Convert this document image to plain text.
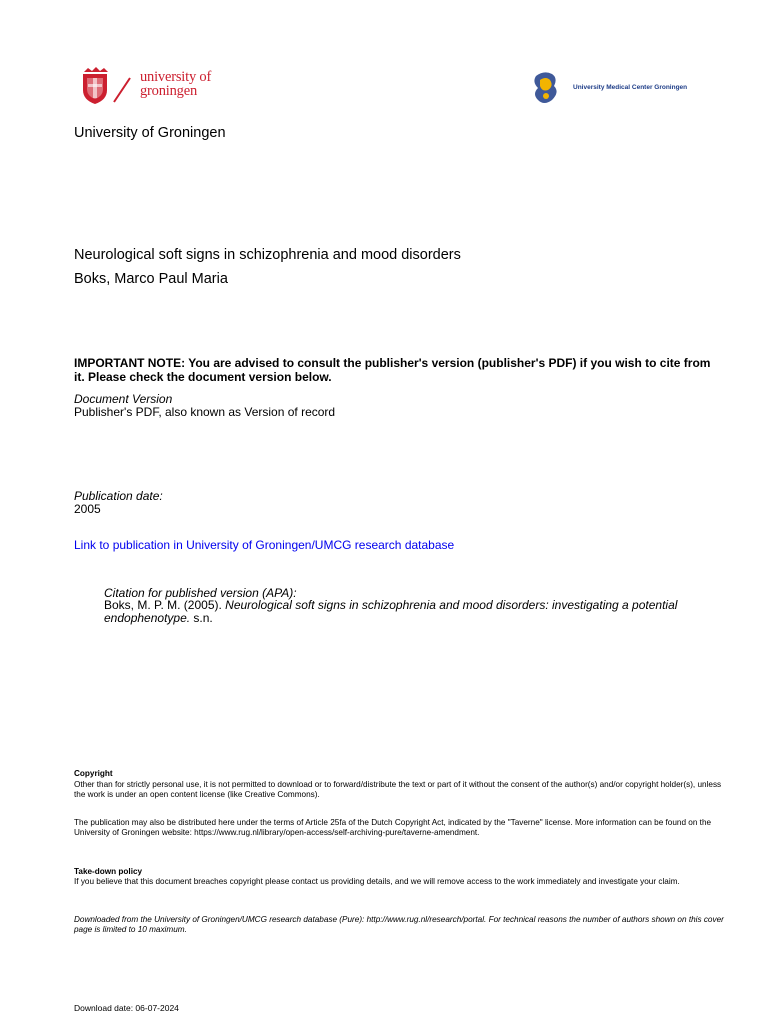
university of
groningen	University Medical Center Groningen
University of Groningen
Neurological soft signs in schizophrenia and mood disorders
Boks, Marco Paul Maria
IMPORTANT NOTE: You are advised to consult the publisher's version (publisher's PDF) if you wish to cite from it. Please check the document version below.
Document Version
Publisher's PDF, also known as Version of record
Publication date:
2005
Link to publication in University of Groningen/UMCG research database
Citation for published version (APA):
Boks, M. P. M. (2005). Neurological soft signs in schizophrenia and mood disorders: investigating a potential endophenotype. s.n.
Copyright
Other than for strictly personal use, it is not permitted to download or to forward/distribute the text or part of it without the consent of the author(s) and/or copyright holder(s), unless the work is under an open content license (like Creative Commons).
The publication may also be distributed here under the terms of Article 25fa of the Dutch Copyright Act, indicated by the "Taverne" license. More information can be found on the University of Groningen website: https://www.rug.nl/library/open-access/self-archiving-pure/taverne-amendment.
Take-down policy
If you believe that this document breaches copyright please contact us providing details, and we will remove access to the work immediately and investigate your claim.
Downloaded from the University of Groningen/UMCG research database (Pure): http://www.rug.nl/research/portal. For technical reasons the number of authors shown on this cover page is limited to 10 maximum.
Download date: 06-07-2024
